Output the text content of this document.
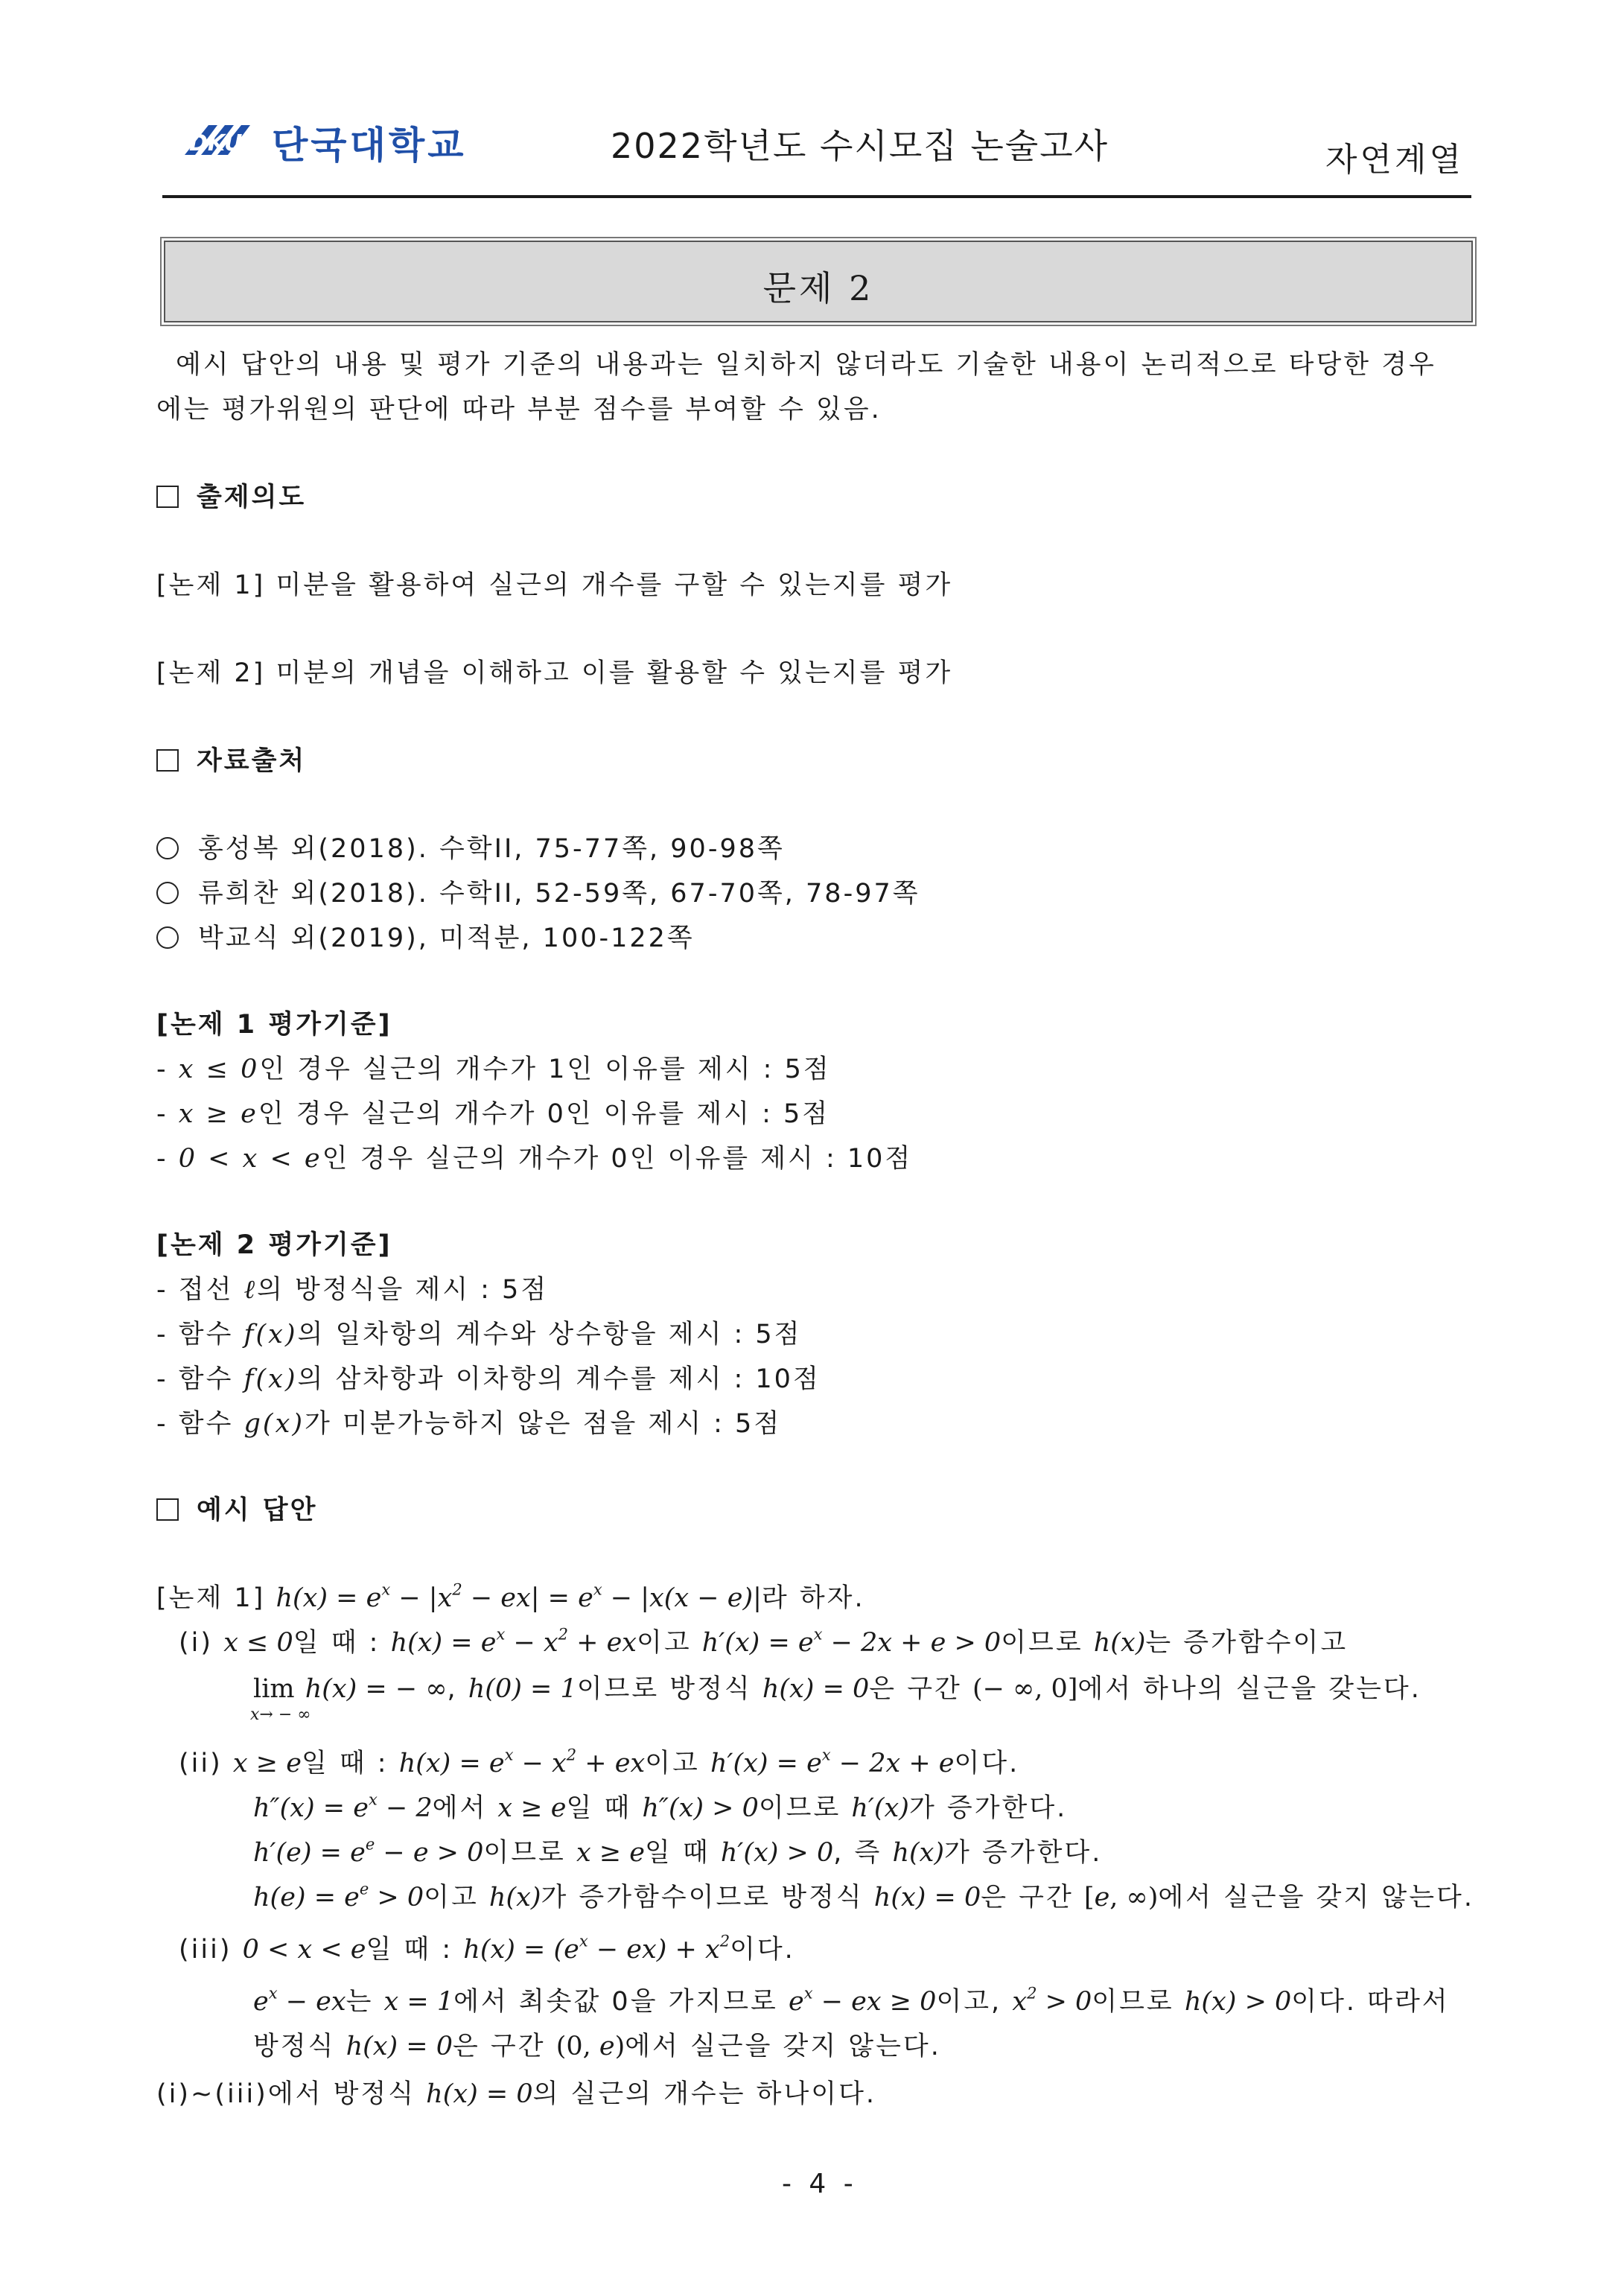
DKU 단국대학교	2022학년도 수시모집 논술고사	자연계열
문제 2
예시 답안의 내용 및 평가 기준의 내용과는 일치하지 않더라도 기술한 내용이 논리적으로 타당한 경우
에는 평가위원의 판단에 따라 부분 점수를 부여할 수 있음.
출제의도
[논제 1] 미분을 활용하여 실근의 개수를 구할 수 있는지를 평가
[논제 2] 미분의 개념을 이해하고 이를 활용할 수 있는지를 평가
자료출처
홍성복 외(2018). 수학II, 75-77쪽, 90-98쪽
류희찬 외(2018). 수학II, 52-59쪽, 67-70쪽, 78-97쪽
박교식 외(2019), 미적분, 100-122쪽
[논제 1 평가기준]
- x ≤ 0인 경우 실근의 개수가 1인 이유를 제시 : 5점
- x ≥ e인 경우 실근의 개수가 0인 이유를 제시 : 5점
- 0 < x < e인 경우 실근의 개수가 0인 이유를 제시 : 10점
[논제 2 평가기준]
- 접선 ℓ의 방정식을 제시 : 5점
- 함수 f(x)의 일차항의 계수와 상수항을 제시 : 5점
- 함수 f(x)의 삼차항과 이차항의 계수를 제시 : 10점
- 함수 g(x)가 미분가능하지 않은 점을 제시 : 5점
예시 답안
[논제 1] $h(x) = e^x - |x^2 - ex| = e^x - |x(x - e)|$라 하자.
(i) x ≤ 0일 때 : $h(x) = e^x - x^2$ + ex이고 $h'(x) = e^x - 2x + e > 0$이므로 h(x)는 증가함수이고
lim h(x) = − ∞, h(0) = 1이므로 방정식 h(x) = 0은 구간 (− ∞, 0]에서 하나의 실근을 갖는다.
x→ − ∞
(ii) x ≥ e일 때 : $h(x) = e^x - x^2$ + ex이고 $h'(x) = e^x - 2x + e$이다.
$h''(x) = e^x - 2$에서 x ≥ e일 때 h″(x) > 0이므로 h′(x)가 증가한다.
$h'(e) = e^e - e > 0$이므로 x ≥ e일 때 h′(x) > 0, 즉 h(x)가 증가한다.
$h(e) = e^e > 0$이고 h(x)가 증가함수이므로 방정식 h(x) = 0은 구간 [e, ∞)에서 실근을 갖지 않는다.
(iii) 0 < x < e일 때 : $h(x) = (e^x - ex) + x^2$이다.
$e^x$ − ex는 x = 1에서 최솟값 0을 가지므로 $e^x$ − ex ≥ 0이고, $x^2 > 0$이므로 h(x) > 0이다. 따라서
방정식 h(x) = 0은 구간 (0, e)에서 실근을 갖지 않는다.
(i)~(iii)에서 방정식 h(x) = 0의 실근의 개수는 하나이다.
- 4 -
